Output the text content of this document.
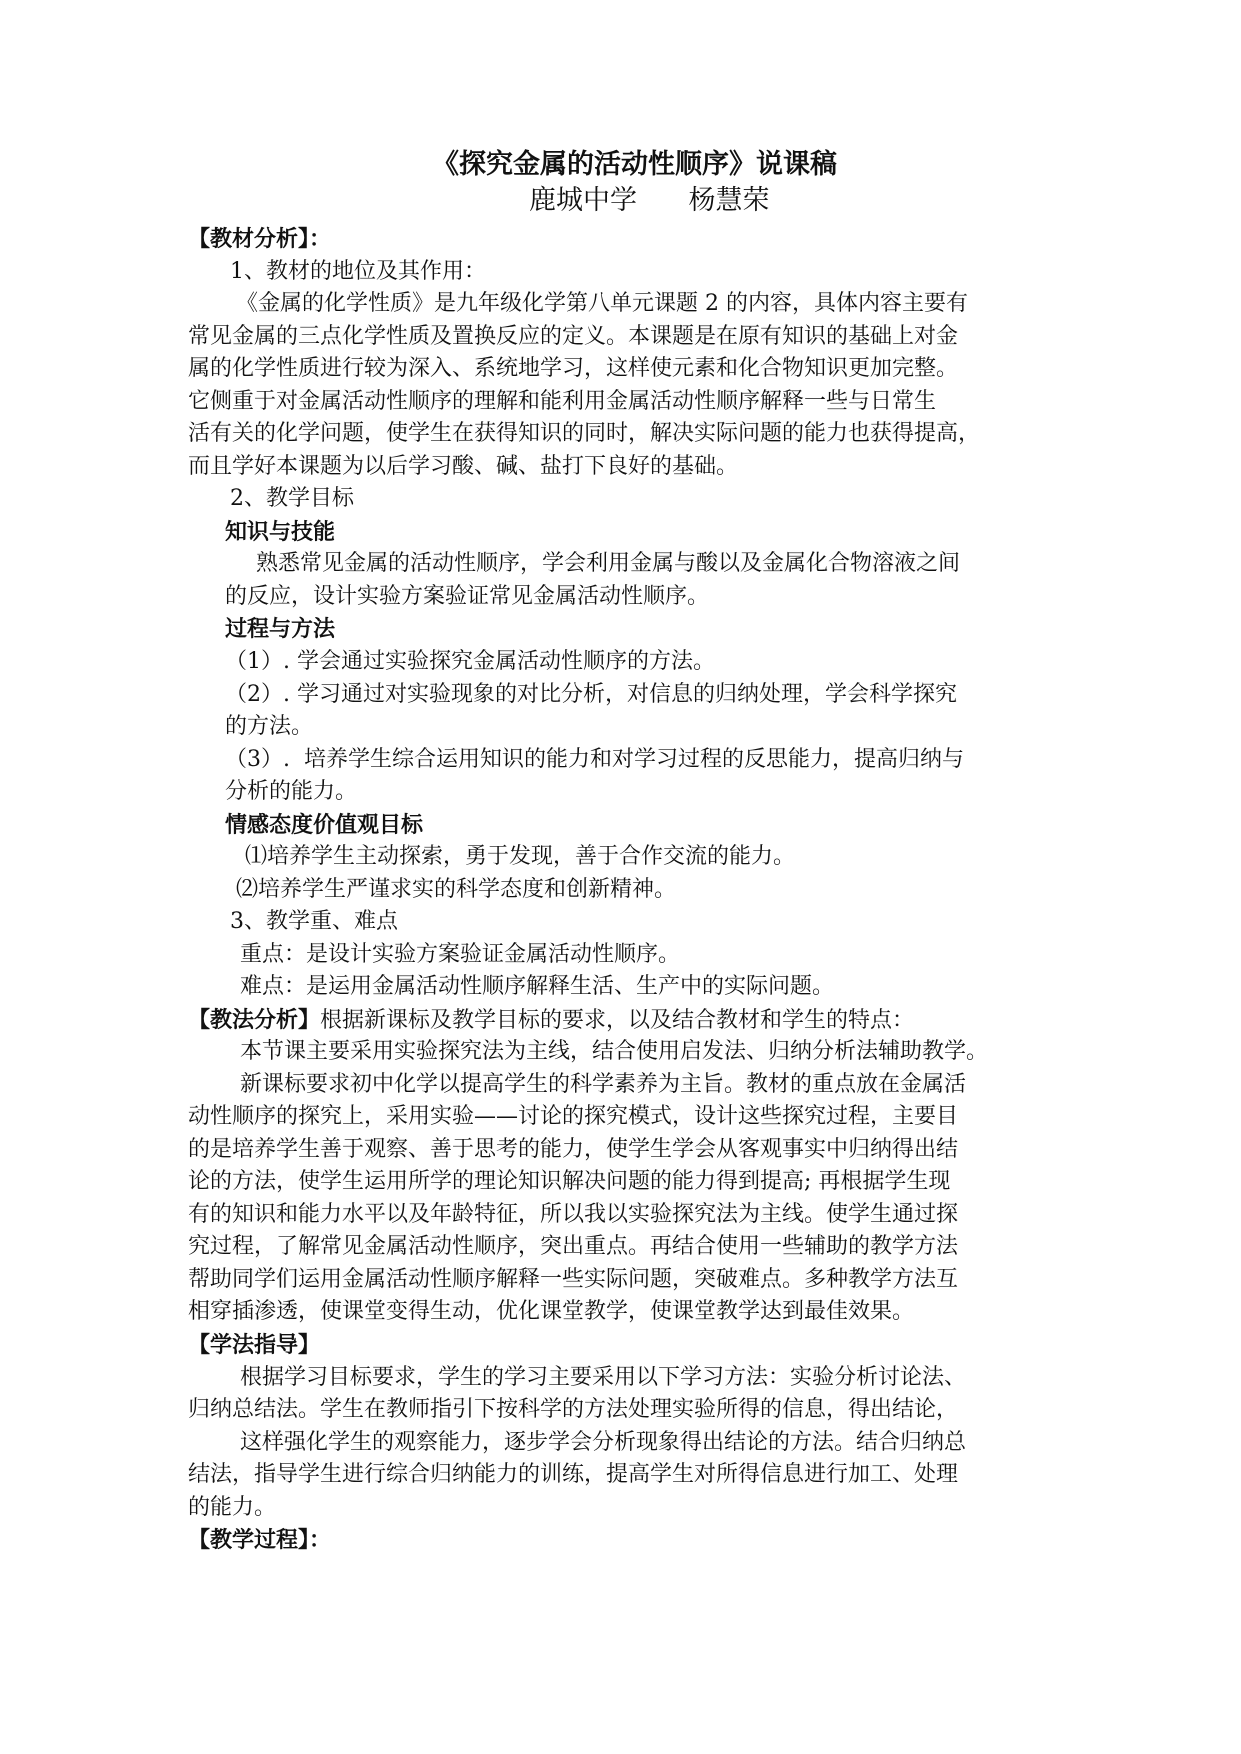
《探究金属的活动性顺序》说课稿
鹿城中学      杨慧荣
【教材分析】：
1、教材的地位及其作用：
《金属的化学性质》是九年级化学第八单元课题 2 的内容，具体内容主要有
常见金属的三点化学性质及置换反应的定义。本课题是在原有知识的基础上对金
属的化学性质进行较为深入、系统地学习，这样使元素和化合物知识更加完整。
它侧重于对金属活动性顺序的理解和能利用金属活动性顺序解释一些与日常生
活有关的化学问题，使学生在获得知识的同时，解决实际问题的能力也获得提高，
而且学好本课题为以后学习酸、碱、盐打下良好的基础。
2、教学目标
知识与技能
熟悉常见金属的活动性顺序，学会利用金属与酸以及金属化合物溶液之间
的反应，设计实验方案验证常见金属活动性顺序。
过程与方法
（1）. 学会通过实验探究金属活动性顺序的方法。
（2）. 学习通过对实验现象的对比分析，对信息的归纳处理，学会科学探究
的方法。
（3）.  培养学生综合运用知识的能力和对学习过程的反思能力，提高归纳与
分析的能力。
情感态度价值观目标
⑴培养学生主动探索，勇于发现，善于合作交流的能力。
⑵培养学生严谨求实的科学态度和创新精神。
3、教学重、难点
重点：是设计实验方案验证金属活动性顺序。
难点：是运用金属活动性顺序解释生活、生产中的实际问题。
【教法分析】根据新课标及教学目标的要求，以及结合教材和学生的特点：
本节课主要采用实验探究法为主线，结合使用启发法、归纳分析法辅助教学。
新课标要求初中化学以提高学生的科学素养为主旨。教材的重点放在金属活
动性顺序的探究上，采用实验——讨论的探究模式，设计这些探究过程，主要目
的是培养学生善于观察、善于思考的能力，使学生学会从客观事实中归纳得出结
论的方法，使学生运用所学的理论知识解决问题的能力得到提高; 再根据学生现
有的知识和能力水平以及年龄特征，所以我以实验探究法为主线。使学生通过探
究过程，了解常见金属活动性顺序，突出重点。再结合使用一些辅助的教学方法
帮助同学们运用金属活动性顺序解释一些实际问题，突破难点。多种教学方法互
相穿插渗透，使课堂变得生动，优化课堂教学，使课堂教学达到最佳效果。
【学法指导】
根据学习目标要求，学生的学习主要采用以下学习方法：实验分析讨论法、
归纳总结法。学生在教师指引下按科学的方法处理实验所得的信息，得出结论，
这样强化学生的观察能力，逐步学会分析现象得出结论的方法。结合归纳总
结法，指导学生进行综合归纳能力的训练，提高学生对所得信息进行加工、处理
的能力。
【教学过程】：
